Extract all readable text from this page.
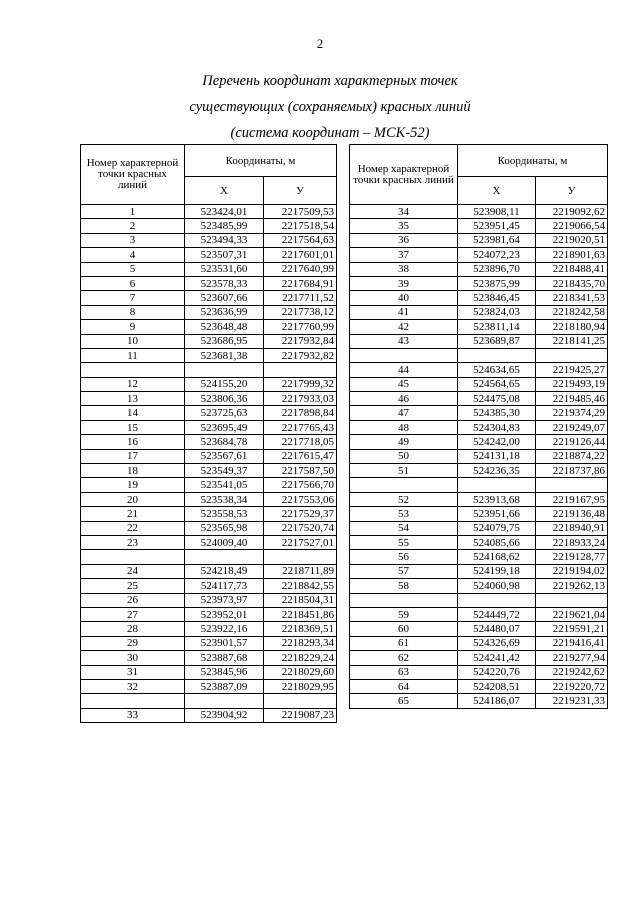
2
Перечень координат характерных точек
существующих (сохраняемых) красных линий
(система координат – МСК-52)
Номер характерной точки красных линий	Координаты, м	
	Х	У
1	523424,01	2217509,53
2	523485,99	2217518,54
3	523494,33	2217564,63
4	523507,31	2217601,01
5	523531,60	2217640,99
6	523578,33	2217684,91
7	523607,66	2217711,52
8	523636,99	2217738,12
9	523648,48	2217760,99
10	523686,95	2217932,84
11	523681,38	2217932,82

12	524155,20	2217999,32
13	523806,36	2217933,03
14	523725,63	2217898,84
15	523695,49	2217765,43
16	523684,78	2217718,05
17	523567,61	2217615,47
18	523549,37	2217587,50
19	523541,05	2217566,70
20	523538,34	2217553,06
21	523558,53	2217529,37
22	523565,98	2217520,74
23	524009,40	2217527,01

24	524218,49	2218711,89
25	524117,73	2218842,55
26	523973,97	2218504,31
27	523952,01	2218451,86
28	523922,16	2218369,51
29	523901,57	2218293,34
30	523887,68	2218229,24
31	523845,96	2218029,60
32	523887,09	2218029,95

33	523904,92	2219087,23
Номер характерной точки красных линий	Координаты, м	
	Х	У
34	523908,11	2219092,62
35	523951,45	2219066,54
36	523981,64	2219020,51
37	524072,23	2218901,63
38	523896,70	2218488,41
39	523875,99	2218435,70
40	523846,45	2218341,53
41	523824,03	2218242,58
42	523811,14	2218180,94
43	523689,87	2218141,25

44	524634,65	2219425,27
45	524564,65	2219493,19
46	524475,08	2219485,46
47	524385,30	2219374,29
48	524304,83	2219249,07
49	524242,00	2219126,44
50	524131,18	2218874,22
51	524236,35	2218737,86

52	523913,68	2219167,95
53	523951,66	2219136,48
54	524079,75	2218940,91
55	524085,66	2218933,24
56	524168,62	2219128,77
57	524199,18	2219194,02
58	524060,98	2219262,13

59	524449,72	2219621,04
60	524480,07	2219591,21
61	524326,69	2219416,41
62	524241,42	2219277,94
63	524220,76	2219242,62
64	524208,51	2219220,72
65	524186,07	2219231,33
